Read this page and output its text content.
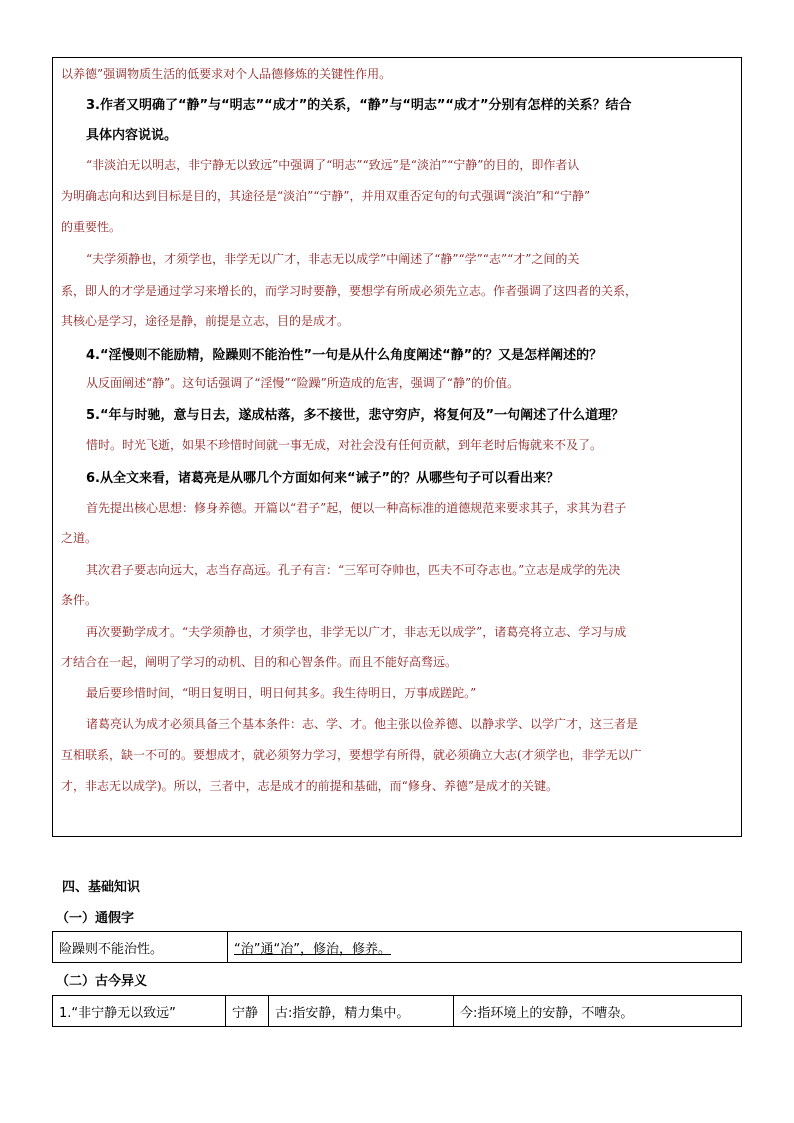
以养德”强调物质生活的低要求对个人品德修炼的关键性作用。
3.作者又明确了“静”与“明志”“成才”的关系，“静”与“明志”“成才”分别有怎样的关系？结合
具体内容说说。
“非淡泊无以明志，非宁静无以致远”中强调了“明志”“致远”是“淡泊”“宁静”的目的，即作者认
为明确志向和达到目标是目的，其途径是“淡泊”“宁静”，并用双重否定句的句式强调“淡泊”和“宁静”
的重要性。
“夫学须静也，才须学也，非学无以广才，非志无以成学”中阐述了“静”“学”“志”“才”之间的关
系，即人的才学是通过学习来增长的，而学习时要静，要想学有所成必须先立志。作者强调了这四者的关系，
其核心是学习，途径是静，前提是立志，目的是成才。
4.“淫慢则不能励精，险躁则不能治性”一句是从什么角度阐述“静”的？又是怎样阐述的？
从反面阐述“静”。这句话强调了“淫慢”“险躁”所造成的危害，强调了“静”的价值。
5.“年与时驰，意与日去，遂成枯落，多不接世，悲守穷庐，将复何及”一句阐述了什么道理？
惜时。时光飞逝，如果不珍惜时间就一事无成，对社会没有任何贡献，到年老时后悔就来不及了。
6.从全文来看，诸葛亮是从哪几个方面如何来“诫子”的？从哪些句子可以看出来？
首先提出核心思想：修身养德。开篇以“君子”起，便以一种高标准的道德规范来要求其子，求其为君子
之道。
其次君子要志向远大，志当存高远。孔子有言：“三军可夺帅也，匹夫不可夺志也。”立志是成学的先决
条件。
再次要勤学成才。“夫学须静也，才须学也，非学无以广才，非志无以成学”，诸葛亮将立志、学习与成
才结合在一起，阐明了学习的动机、目的和心智条件。而且不能好高骛远。
最后要珍惜时间，“明日复明日，明日何其多。我生待明日，万事成蹉跎。”
诸葛亮认为成才必须具备三个基本条件：志、学、才。他主张以俭养德、以静求学、以学广才，这三者是
互相联系，缺一不可的。要想成才，就必须努力学习，要想学有所得，就必须确立大志(才须学也，非学无以广
才，非志无以成学)。所以，三者中，志是成才的前提和基础，而“修身、养德”是成才的关键。
四、基础知识
（一）通假字
险躁则不能治性。	“治”通“冶”，修治，修养。
（二）古今异义
1.“非宁静无以致远”	宁静	古:指安静，精力集中。	今:指环境上的安静，不嘈杂。
